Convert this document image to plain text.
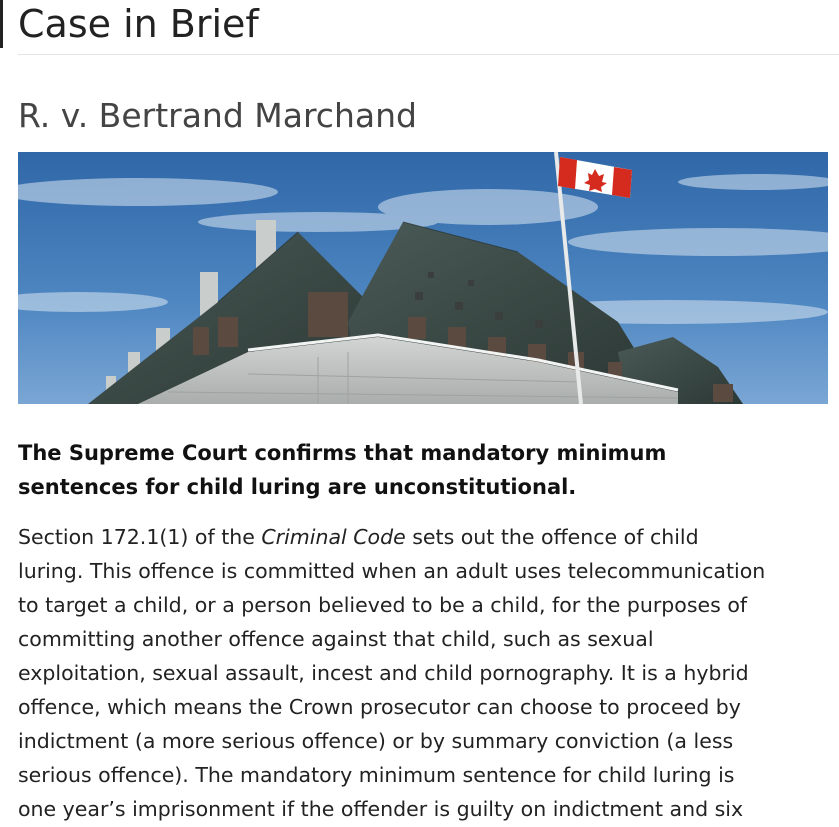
Case in Brief
R. v. Bertrand Marchand
The Supreme Court confirms that mandatory minimum
sentences for child luring are unconstitutional.

Section 172.1(1) of the Criminal Code sets out the offence of child
luring. This offence is committed when an adult uses telecommunication
to target a child, or a person believed to be a child, for the purposes of
committing another offence against that child, such as sexual
exploitation, sexual assault, incest and child pornography. It is a hybrid
offence, which means the Crown prosecutor can choose to proceed by
indictment (a more serious offence) or by summary conviction (a less
serious offence). The mandatory minimum sentence for child luring is
one year’s imprisonment if the offender is guilty on indictment and six
